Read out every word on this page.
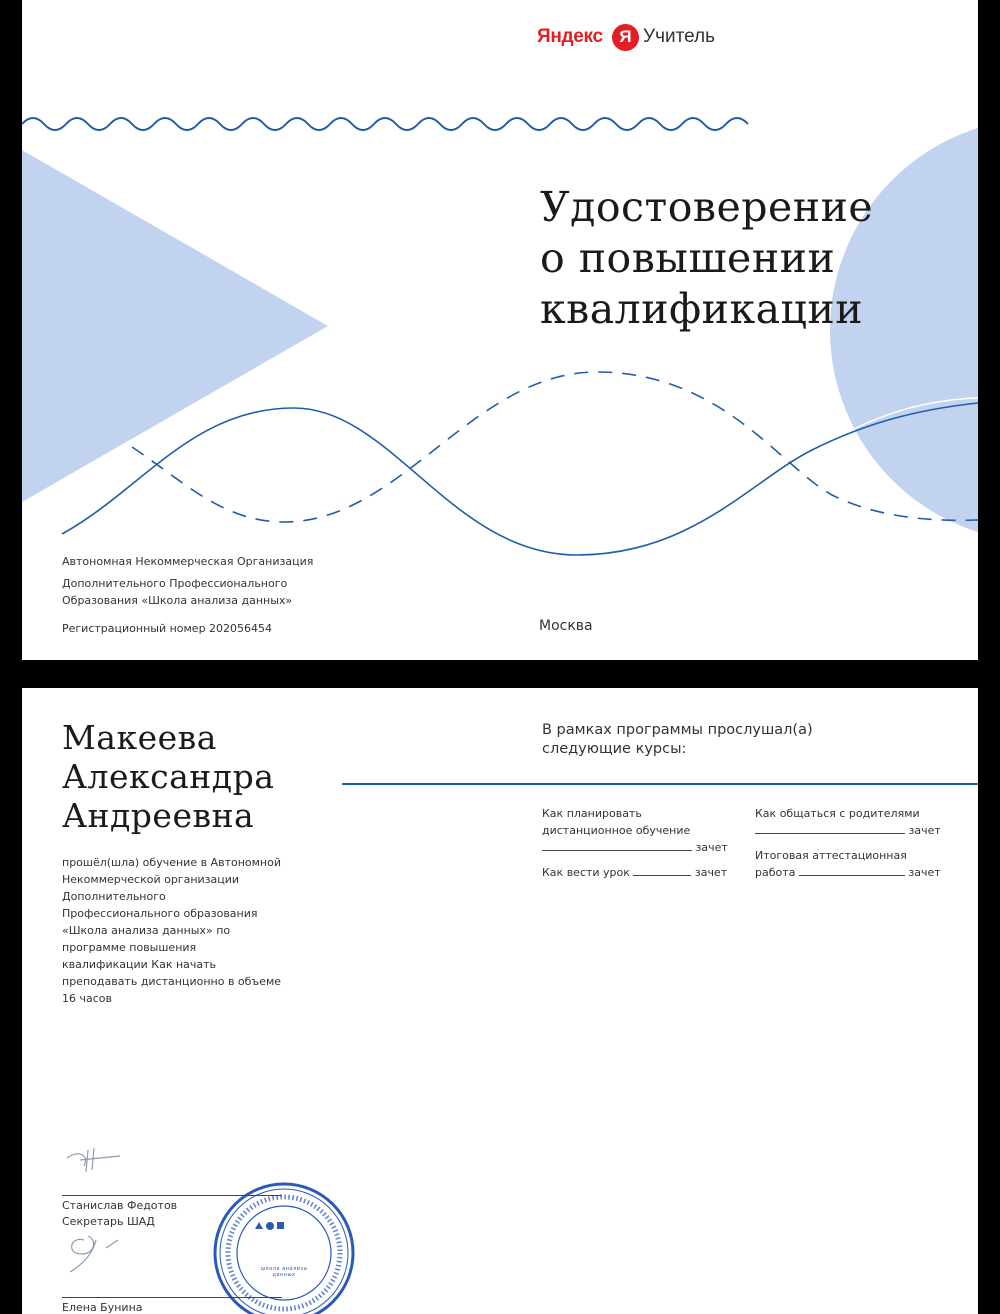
Яндекс Я Учитель
Удостоверение
о повышении
квалификации
Автономная Некоммерческая Организация
Дополнительного Профессионального
Образования «Школа анализа данных»
Регистрационный номер 202056454	Москва
Макеева
Александра
Андреевна
прошёл(шла) обучение в Автономной
Некоммерческой организации
Дополнительного
Профессионального образования
«Школа анализа данных» по
программе повышения
квалификации Как начать
преподавать дистанционно в объеме
16 часов
В рамках программы прослушал(а)
следующие курсы:
Как планировать
дистанционное обучение
зачет
Как вести урок	зачет
Как общаться с родителями
зачет
Итоговая аттестационная
работа	зачет
Станислав Федотов
Секретарь ШАД
Елена Бунина
школа анализа данных
